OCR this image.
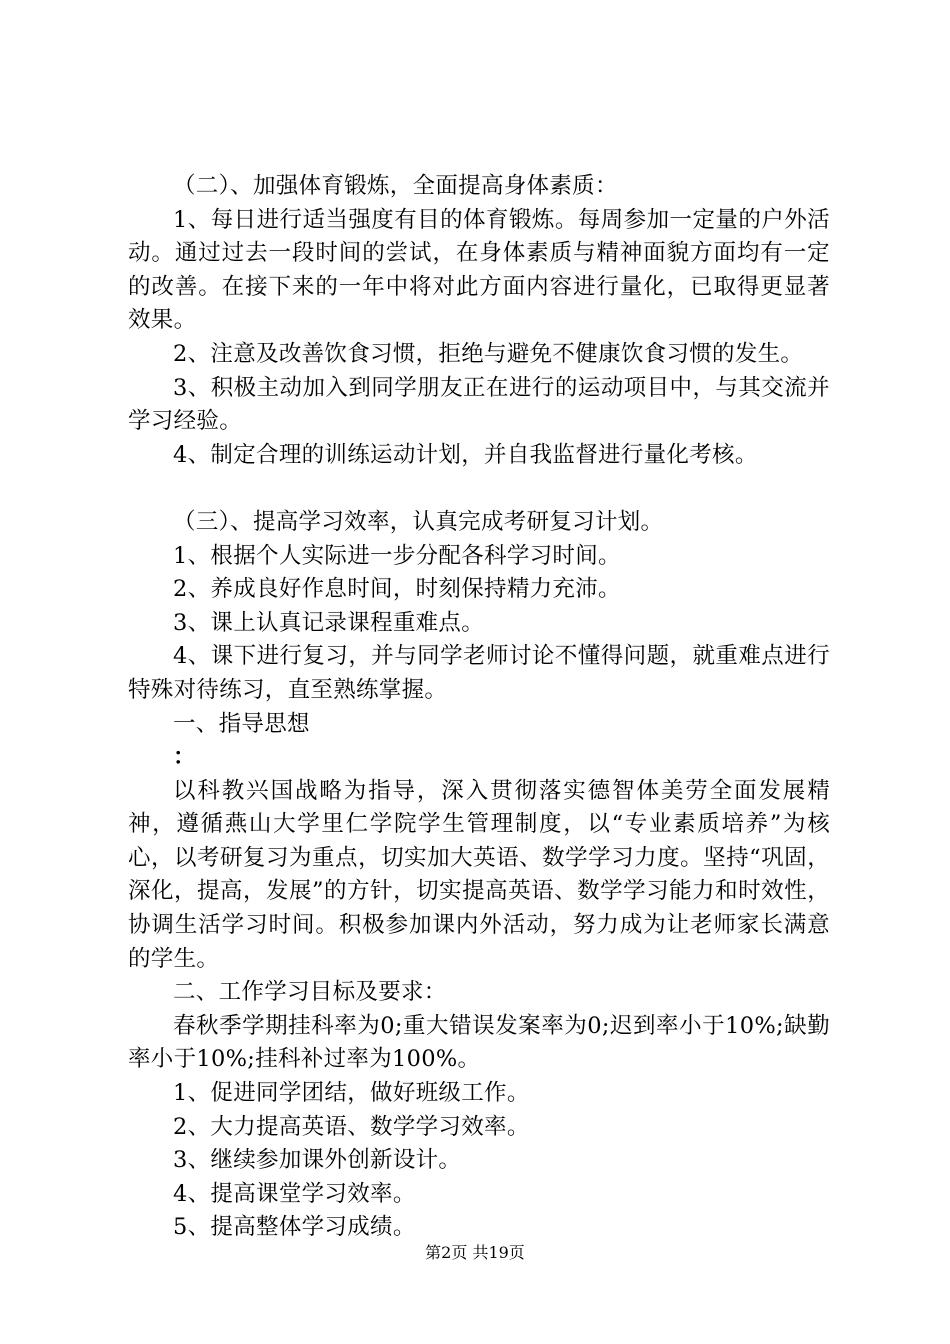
（二）、加强体育锻炼，全面提高身体素质：

1、每日进行适当强度有目的体育锻炼。每周参加一定量的户外活动。通过过去一段时间的尝试，在身体素质与精神面貌方面均有一定的改善。在接下来的一年中将对此方面内容进行量化，已取得更显著效果。

2、注意及改善饮食习惯，拒绝与避免不健康饮食习惯的发生。

3、积极主动加入到同学朋友正在进行的运动项目中，与其交流并学习经验。

4、制定合理的训练运动计划，并自我监督进行量化考核。

（三）、提高学习效率，认真完成考研复习计划。

1、根据个人实际进一步分配各科学习时间。

2、养成良好作息时间，时刻保持精力充沛。

3、课上认真记录课程重难点。

4、课下进行复习，并与同学老师讨论不懂得问题，就重难点进行特殊对待练习，直至熟练掌握。

一、指导思想

：

以科教兴国战略为指导，深入贯彻落实德智体美劳全面发展精神，遵循燕山大学里仁学院学生管理制度，以“专业素质培养”为核心，以考研复习为重点，切实加大英语、数学学习力度。坚持“巩固，深化，提高，发展”的方针，切实提高英语、数学学习能力和时效性，协调生活学习时间。积极参加课内外活动，努力成为让老师家长满意的学生。

二、工作学习目标及要求：

春秋季学期挂科率为0;重大错误发案率为0;迟到率小于10%;缺勤率小于10%;挂科补过率为100%。

1、促进同学团结，做好班级工作。

2、大力提高英语、数学学习效率。

3、继续参加课外创新设计。

4、提高课堂学习效率。

5、提高整体学习成绩。

第2页 共19页
